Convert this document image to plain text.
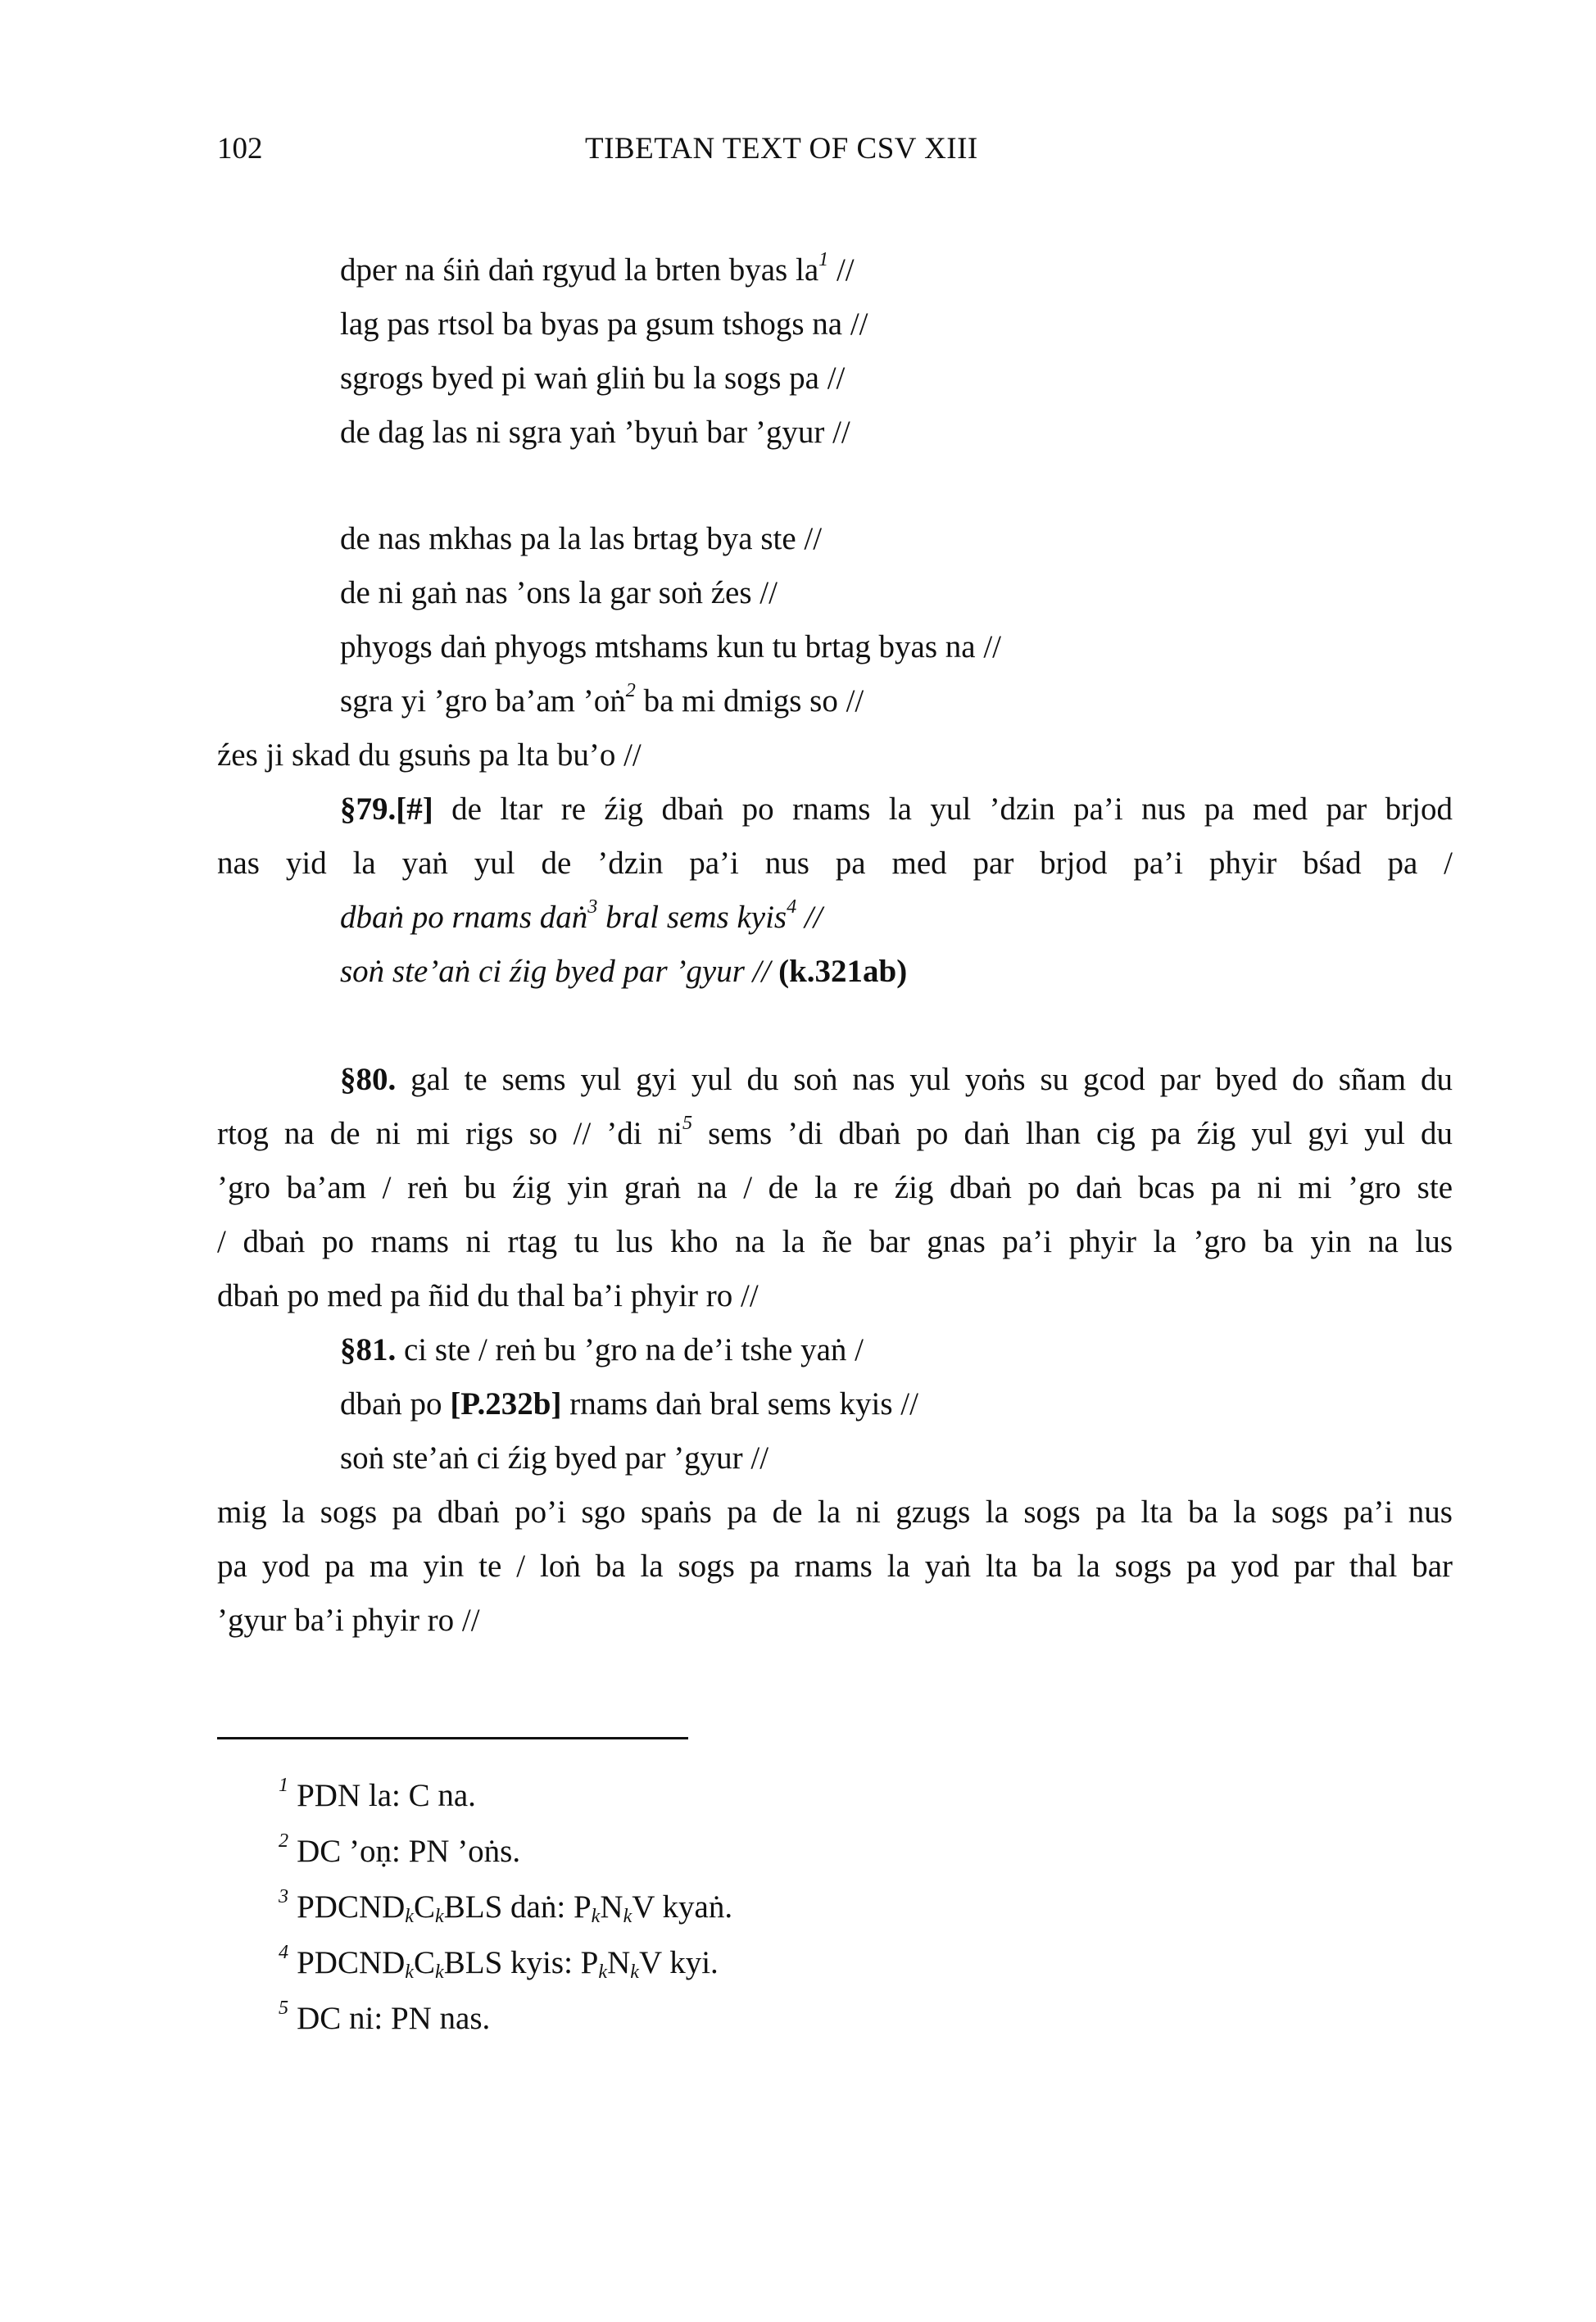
102	TIBETAN TEXT OF CSV XIII
dper na śiṅ daṅ rgyud la brten byas $la^1$ //
lag pas rtsol ba byas pa gsum tshogs na //
sgrogs byed pi waṅ gliṅ bu la sogs pa //
de dag las ni sgra yaṅ ’byuṅ bar ’gyur //
de nas mkhas pa la las brtag bya ste //
de ni gaṅ nas ’ons la gar soṅ źes //
phyogs daṅ phyogs mtshams kun tu brtag byas na //
sgra yi ’gro ba’am ’oṅ$^2$ ba mi dmigs so //
źes ji skad du gsuṅs pa lta bu’o //
§79.[#] de ltar re źig dbaṅ po rnams la yul ’dzin pa’i nus pa med par brjod
nas yid la yaṅ yul de ’dzin pa’i nus pa med par brjod pa’i phyir bśad pa /
dbaṅ po rnams daṅ$^3$ bral sems kyis$^4$ //
soṅ ste’aṅ ci źig byed par ’gyur // (k.321ab)
§80. gal te sems yul gyi yul du soṅ nas yul yoṅs su gcod par byed do sñam du
rtog na de ni mi rigs so // ’di $ni^5$ sems ’di dbaṅ po daṅ lhan cig pa źig yul gyi yul du
’gro ba’am / reṅ bu źig yin graṅ na / de la re źig dbaṅ po daṅ bcas pa ni mi ’gro ste
/ dbaṅ po rnams ni rtag tu lus kho na la ñe bar gnas pa’i phyir la ’gro ba yin na lus
dbaṅ po med pa ñid du thal ba’i phyir ro //
§81. ci ste / reṅ bu ’gro na de’i tshe yaṅ /
dbaṅ po [P.232b] rnams daṅ bral sems kyis //
soṅ ste’aṅ ci źig byed par ’gyur //
mig la sogs pa dbaṅ po’i sgo spaṅs pa de la ni gzugs la sogs pa lta ba la sogs pa’i nus
pa yod pa ma yin te / loṅ ba la sogs pa rnams la yaṅ lta ba la sogs pa yod par thal bar
’gyur ba’i phyir ro //
$^1$ PDN la: C na.
$^2$ DC ’oṇ: PN ’oṅs.
$^3$ $PDCND_kC_kBLS$ daṅ: $P_kN_kV$ kyaṅ.
$^4$ $PDCND_kC_kBLS$ kyis: $P_kN_kV$ kyi.
$^5$ DC ni: PN nas.
